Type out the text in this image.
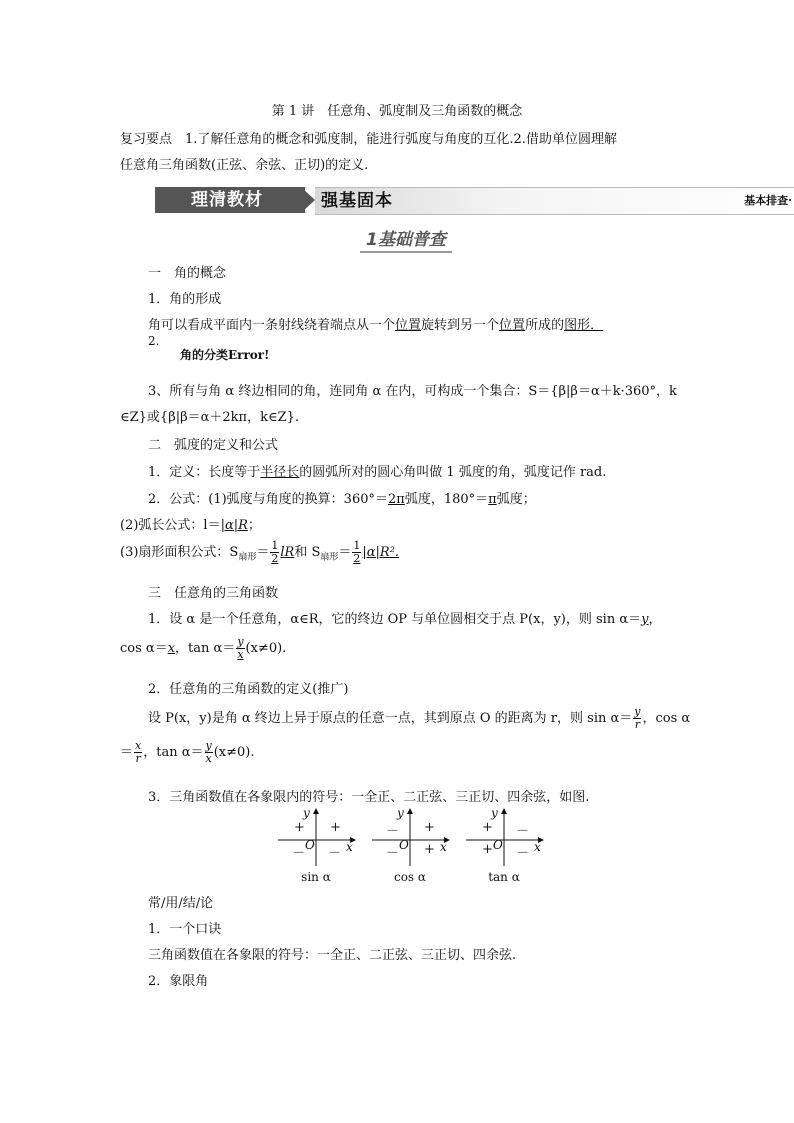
第 1 讲　任意角、弧度制及三角函数的概念
复习要点　1.了解任意角的概念和弧度制，能进行弧度与角度的互化.2.借助单位圆理解
任意角三角函数(正弦、余弦、正切)的定义.
理清教材	强基固本	基本排查·
1基础普查
一　角的概念
1．角的形成
角可以看成平面内一条射线绕着端点从一个位置旋转到另一个位置所成的图形．
2.
角的分类Error!
3、所有与角 α 终边相同的角，连同角 α 在内，可构成一个集合：S＝{β|β＝α＋k·360°，k
∈Z}或{β|β＝α＋2kπ，k∈Z}.
二　弧度的定义和公式
1．定义：长度等于半径长的圆弧所对的圆心角叫做 1 弧度的角，弧度记作 rad.
2．公式：(1)弧度与角度的换算：360°＝2π弧度，180°＝π弧度；
(2)弧长公式：l＝|α|R；
(3)扇形面积公式：$S_{扇形}= \frac{1}{2}$ lR和 $S_{扇形}= \frac{1}{2} |\alpha|R^2$.
三　任意角的三角函数
1．设 α 是一个任意角，α∈R，它的终边 OP 与单位圆相交于点 P(x，y)，则 sin α＝y，
cos α＝x，$\tan \alpha= \frac{y}{x} (x\ne 0)$.
2．任意角的三角函数的定义(推广)
设 P(x，y)是角 α 终边上异于原点的任意一点，其到原点 O 的距离为 r，则 $\sin \alpha= \frac{y}{r}$ ，cos α
＝ $\frac{x}{r}$ ，$\tan \alpha= \frac{y}{x} (x\ne 0)$.
3．三角函数值在各象限内的符号：一全正、二正弦、三正切、四余弦，如图.
y
x
O
+
+
－ －
sin α
y
x
O
+
－
－ +
cos α
y
x
O
－
+
+ －
tan α
常/用/结/论
1．一个口诀
三角函数值在各象限的符号：一全正、二正弦、三正切、四余弦.
2．象限角
